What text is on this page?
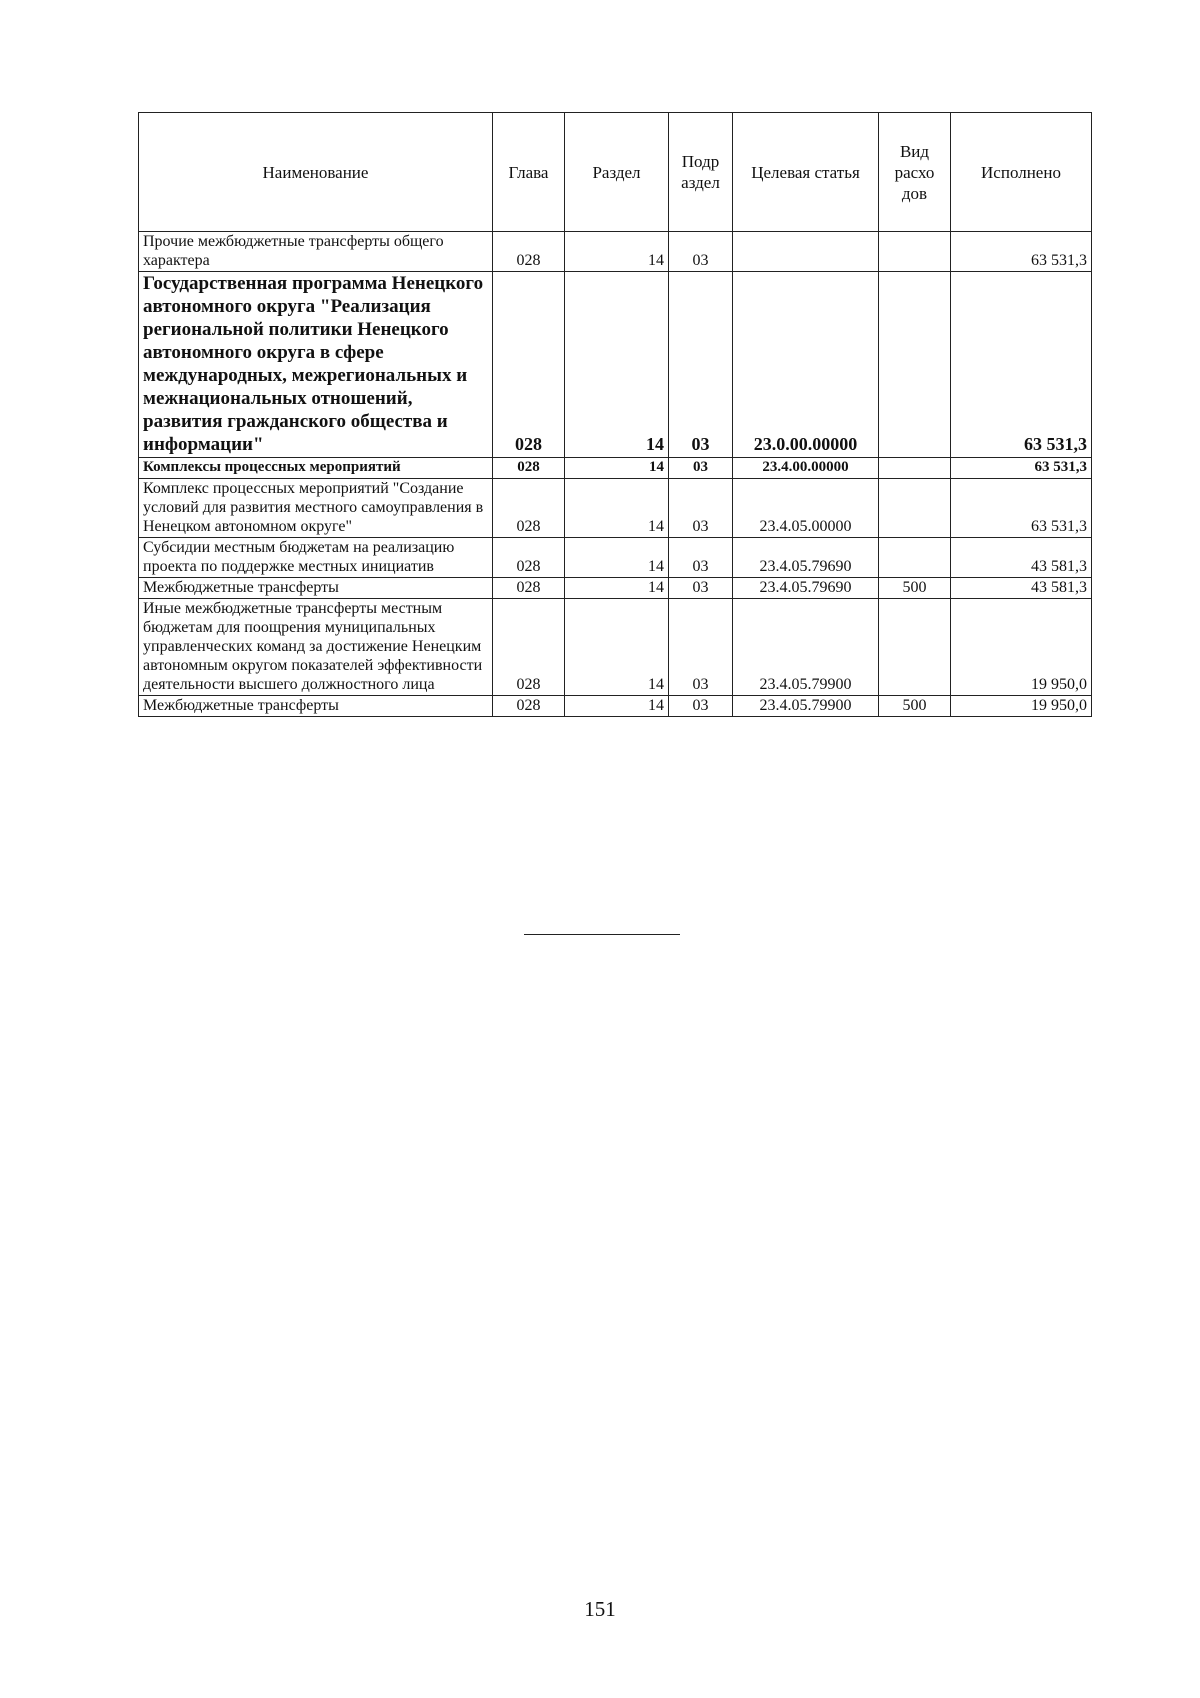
Наименование	Глава	Раздел	Подр аздел	Целевая статья	Вид расхо дов	Исполнено
Прочие межбюджетные трансферты общего характера	028	14	03			63 531,3
Государственная программа Ненецкого автономного округа "Реализация региональной политики Ненецкого автономного округа в сфере международных, межрегиональных и межнациональных отношений, развития гражданского общества и информации"	028	14	03	23.0.00.00000		63 531,3
Комплексы процессных мероприятий	028	14	03	23.4.00.00000		63 531,3
Комплекс процессных мероприятий "Создание условий для развития местного самоуправления в Ненецком автономном округе"	028	14	03	23.4.05.00000		63 531,3
Субсидии местным бюджетам на реализацию проекта по поддержке местных инициатив	028	14	03	23.4.05.79690		43 581,3
Межбюджетные трансферты	028	14	03	23.4.05.79690	500	43 581,3
Иные межбюджетные трансферты местным бюджетам для поощрения муниципальных управленческих команд за достижение Ненецким автономным округом показателей эффективности деятельности высшего должностного лица	028	14	03	23.4.05.79900		19 950,0
Межбюджетные трансферты	028	14	03	23.4.05.79900	500	19 950,0
151
